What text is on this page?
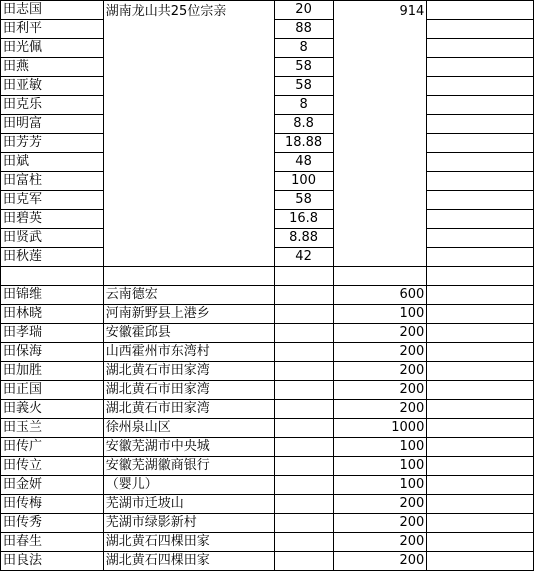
田志国	湖南龙山共25位宗亲	20	914	
田利平		88		
田光佩		8		
田燕		58		
田亚敏		58		
田克乐		8		
田明富		8.8		
田芳芳		18.88		
田斌		48		
田富柱		100		
田克军		58		
田碧英		16.8		
田贤武		8.88		
田秋莲		42		

田锦维	云南德宏		600	
田林晓	河南新野县上港乡		100	
田孝瑞	安徽霍邱县		200	
田保海	山西霍州市东湾村		200	
田加胜	湖北黄石市田家湾		200	
田正国	湖北黄石市田家湾		200	
田義火	湖北黄石市田家湾		200	
田玉兰	徐州泉山区		1000	
田传广	安徽芜湖市中央城		100	
田传立	安徽芜湖徽商银行		100	
田金妍	（婴儿）		100	
田传梅	芜湖市迁坡山		200	
田传秀	芜湖市绿影新村		200	
田春生	湖北黄石四棵田家		200	
田良法	湖北黄石四棵田家		200	
